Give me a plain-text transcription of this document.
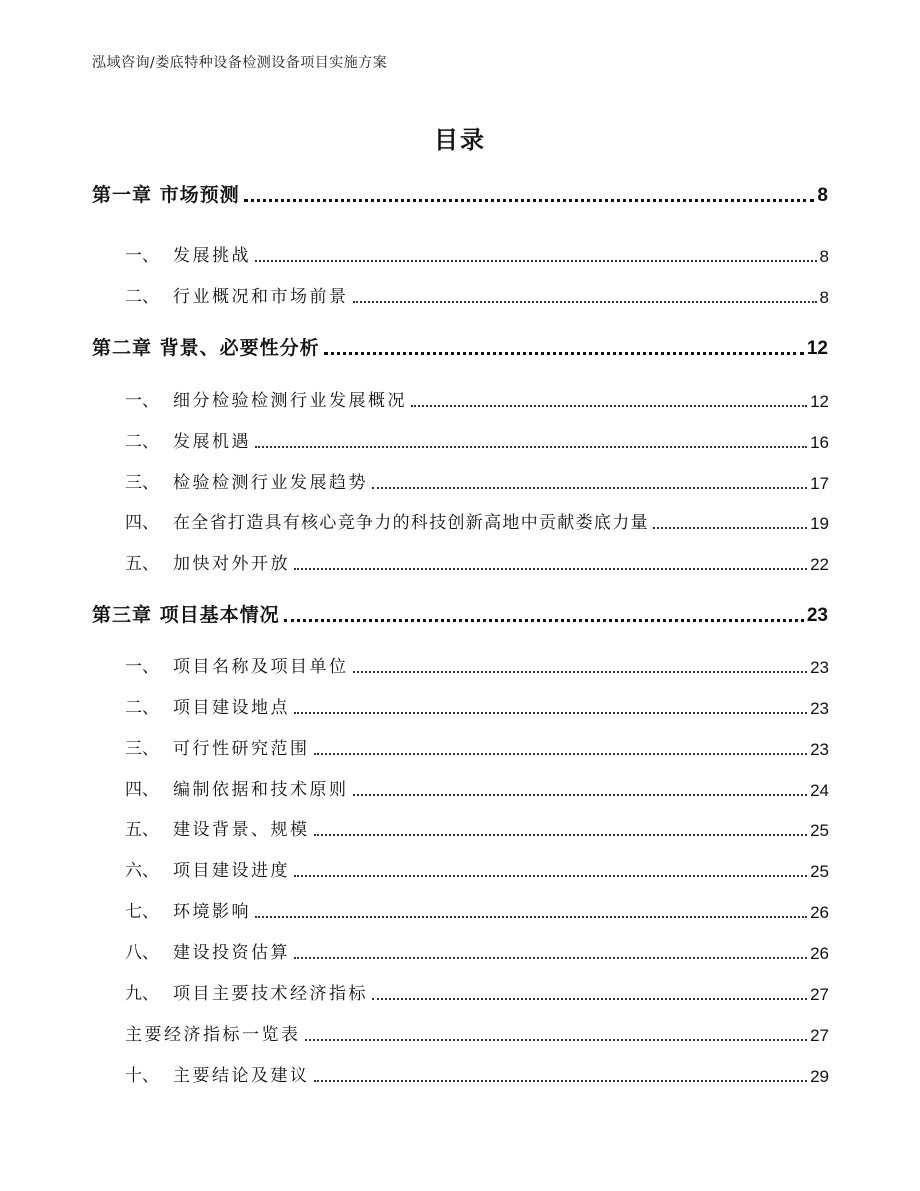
泓域咨询/娄底特种设备检测设备项目实施方案
目录
第一章 市场预测	8
一、 发展挑战	8
二、 行业概况和市场前景	8
第二章 背景、必要性分析	12
一、 细分检验检测行业发展概况	12
二、 发展机遇	16
三、 检验检测行业发展趋势	17
四、 在全省打造具有核心竞争力的科技创新高地中贡献娄底力量	19
五、 加快对外开放	22
第三章 项目基本情况	23
一、 项目名称及项目单位	23
二、 项目建设地点	23
三、 可行性研究范围	23
四、 编制依据和技术原则	24
五、 建设背景、规模	25
六、 项目建设进度	25
七、 环境影响	26
八、 建设投资估算	26
九、 项目主要技术经济指标	27
主要经济指标一览表	27
十、 主要结论及建议	29
